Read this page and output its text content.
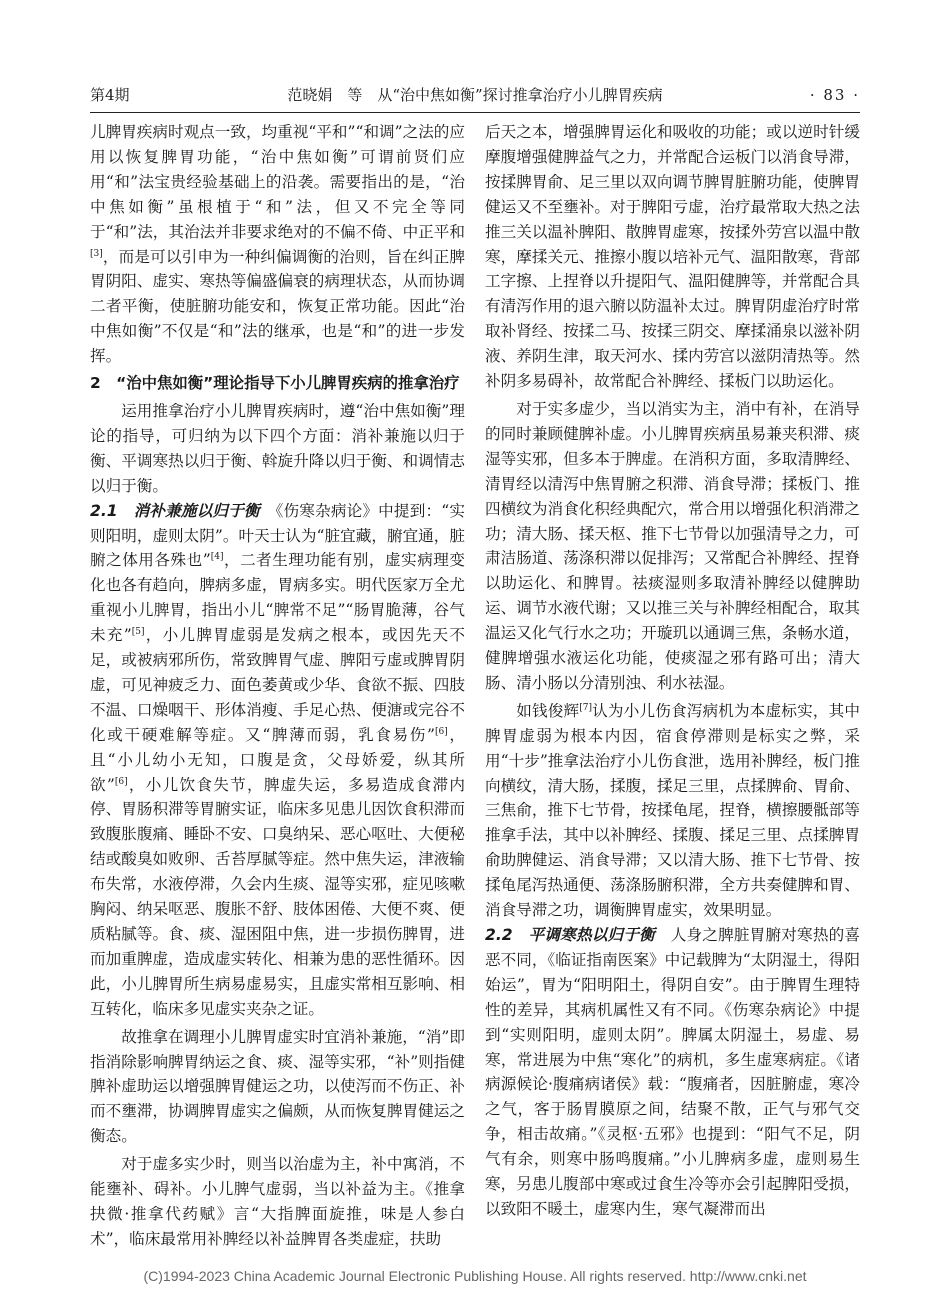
第4期	范晓娟　等　从“治中焦如衡”探讨推拿治疗小儿脾胃疾病	· 83 ·

儿脾胃疾病时观点一致，均重视“平和”“和调”之法的应用以恢复脾胃功能，“治中焦如衡”可谓前贤们应用“和”法宝贵经验基础上的沿袭。需要指出的是，“治中焦如衡”虽根植于“和”法，但又不完全等同于“和”法，其治法并非要求绝对的不偏不倚、中正平和[3]，而是可以引申为一种纠偏调衡的治则，旨在纠正脾胃阴阳、虚实、寒热等偏盛偏衰的病理状态，从而协调二者平衡，使脏腑功能安和，恢复正常功能。因此“治中焦如衡”不仅是“和”法的继承，也是“和”的进一步发挥。

2　“治中焦如衡”理论指导下小儿脾胃疾病的推拿治疗

运用推拿治疗小儿脾胃疾病时，遵“治中焦如衡”理论的指导，可归纳为以下四个方面：消补兼施以归于衡、平调寒热以归于衡、斡旋升降以归于衡、和调情志以归于衡。

2.1　消补兼施以归于衡　 《伤寒杂病论》中提到：“实则阳明，虚则太阴”。叶天士认为“脏宜藏，腑宜通，脏腑之体用各殊也”[4]，二者生理功能有别，虚实病理变化也各有趋向，脾病多虚，胃病多实。明代医家万全尤重视小儿脾胃，指出小儿“脾常不足”“肠胃脆薄，谷气未充”[5]，小儿脾胃虚弱是发病之根本，或因先天不足，或被病邪所伤，常致脾胃气虚、脾阳亏虚或脾胃阴虚，可见神疲乏力、面色萎黄或少华、食欲不振、四肢不温、口燥咽干、形体消瘦、手足心热、便溏或完谷不化或干硬难解等症。又“脾薄而弱，乳食易伤”[6]，且“小儿幼小无知，口腹是贪，父母娇爱，纵其所欲”[6]，小儿饮食失节，脾虚失运，多易造成食滞内停、胃肠积滞等胃腑实证，临床多见患儿因饮食积滞而致腹胀腹痛、睡卧不安、口臭纳呆、恶心呕吐、大便秘结或酸臭如败卵、舌苔厚腻等症。然中焦失运，津液输布失常，水液停滞，久会内生痰、湿等实邪，症见咳嗽胸闷、纳呆呕恶、腹胀不舒、肢体困倦、大便不爽、便质粘腻等。食、痰、湿困阻中焦，进一步损伤脾胃，进而加重脾虚，造成虚实转化、相兼为患的恶性循环。因此，小儿脾胃所生病易虚易实，且虚实常相互影响、相互转化，临床多见虚实夹杂之证。

故推拿在调理小儿脾胃虚实时宜消补兼施，“消”即指消除影响脾胃纳运之食、痰、湿等实邪，“补”则指健脾补虚助运以增强脾胃健运之功，以使泻而不伤正、补而不壅滞，协调脾胃虚实之偏颇，从而恢复脾胃健运之衡态。

对于虚多实少时，则当以治虚为主，补中寓消，不能壅补、碍补。小儿脾气虚弱，当以补益为主。《推拿抉微·推拿代药赋》言“大指脾面旋推，味是人参白术”，临床最常用补脾经以补益脾胃各类虚症，扶助

后天之本，增强脾胃运化和吸收的功能；或以逆时针缓摩腹增强健脾益气之力，并常配合运板门以消食导滞，按揉脾胃俞、足三里以双向调节脾胃脏腑功能，使脾胃健运又不至壅补。对于脾阳亏虚，治疗最常取大热之法推三关以温补脾阳、散脾胃虚寒，按揉外劳宫以温中散寒，摩揉关元、推擦小腹以培补元气、温阳散寒，背部工字擦、上捏脊以升提阳气、温阳健脾等，并常配合具有清泻作用的退六腑以防温补太过。脾胃阴虚治疗时常取补肾经、按揉二马、按揉三阴交、摩揉涌泉以滋补阴液、养阴生津，取天河水、揉内劳宫以滋阴清热等。然补阴多易碍补，故常配合补脾经、揉板门以助运化。

对于实多虚少，当以消实为主，消中有补，在消导的同时兼顾健脾补虚。小儿脾胃疾病虽易兼夹积滞、痰湿等实邪，但多本于脾虚。在消积方面，多取清脾经、清胃经以清泻中焦胃腑之积滞、消食导滞；揉板门、推四横纹为消食化积经典配穴，常合用以增强化积消滞之功；清大肠、揉天枢、推下七节骨以加强清导之力，可肃洁肠道、荡涤积滞以促排泻；又常配合补脾经、捏脊以助运化、和脾胃。祛痰湿则多取清补脾经以健脾助运、调节水液代谢；又以推三关与补脾经相配合，取其温运又化气行水之功；开璇玑以通调三焦，条畅水道，健脾增强水液运化功能，使痰湿之邪有路可出；清大肠、清小肠以分清别浊、利水祛湿。

如钱俊辉[7]认为小儿伤食泻病机为本虚标实，其中脾胃虚弱为根本内因，宿食停滞则是标实之弊，采用“十步”推拿法治疗小儿伤食泄，选用补脾经，板门推向横纹，清大肠，揉腹，揉足三里，点揉脾俞、胃俞、三焦俞，推下七节骨，按揉龟尾，捏脊，横擦腰骶部等推拿手法，其中以补脾经、揉腹、揉足三里、点揉脾胃俞助脾健运、消食导滞；又以清大肠、推下七节骨、按揉龟尾泻热通便、荡涤肠腑积滞，全方共奏健脾和胃、消食导滞之功，调衡脾胃虚实，效果明显。

2.2　平调寒热以归于衡　 人身之脾脏胃腑对寒热的喜恶不同，《临证指南医案》中记载脾为“太阴湿土，得阳始运”，胃为“阳明阳土，得阴自安”。由于脾胃生理特性的差异，其病机属性又有不同。《伤寒杂病论》中提到“实则阳明，虚则太阴”。脾属太阴湿土，易虚、易寒，常进展为中焦“寒化”的病机，多生虚寒病症。《诸病源候论·腹痛病诸侯》载：“腹痛者，因脏腑虚，寒冷之气，客于肠胃膜原之间，结聚不散，正气与邪气交争，相击故痛。”《灵枢·五邪》也提到：“阳气不足，阴气有余，则寒中肠鸣腹痛。”小儿脾病多虚，虚则易生寒，另患儿腹部中寒或过食生冷等亦会引起脾阳受损，以致阳不暖土，虚寒内生，寒气凝滞而出

(C)1994-2023 China Academic Journal Electronic Publishing House. All rights reserved. http://www.cnki.net
